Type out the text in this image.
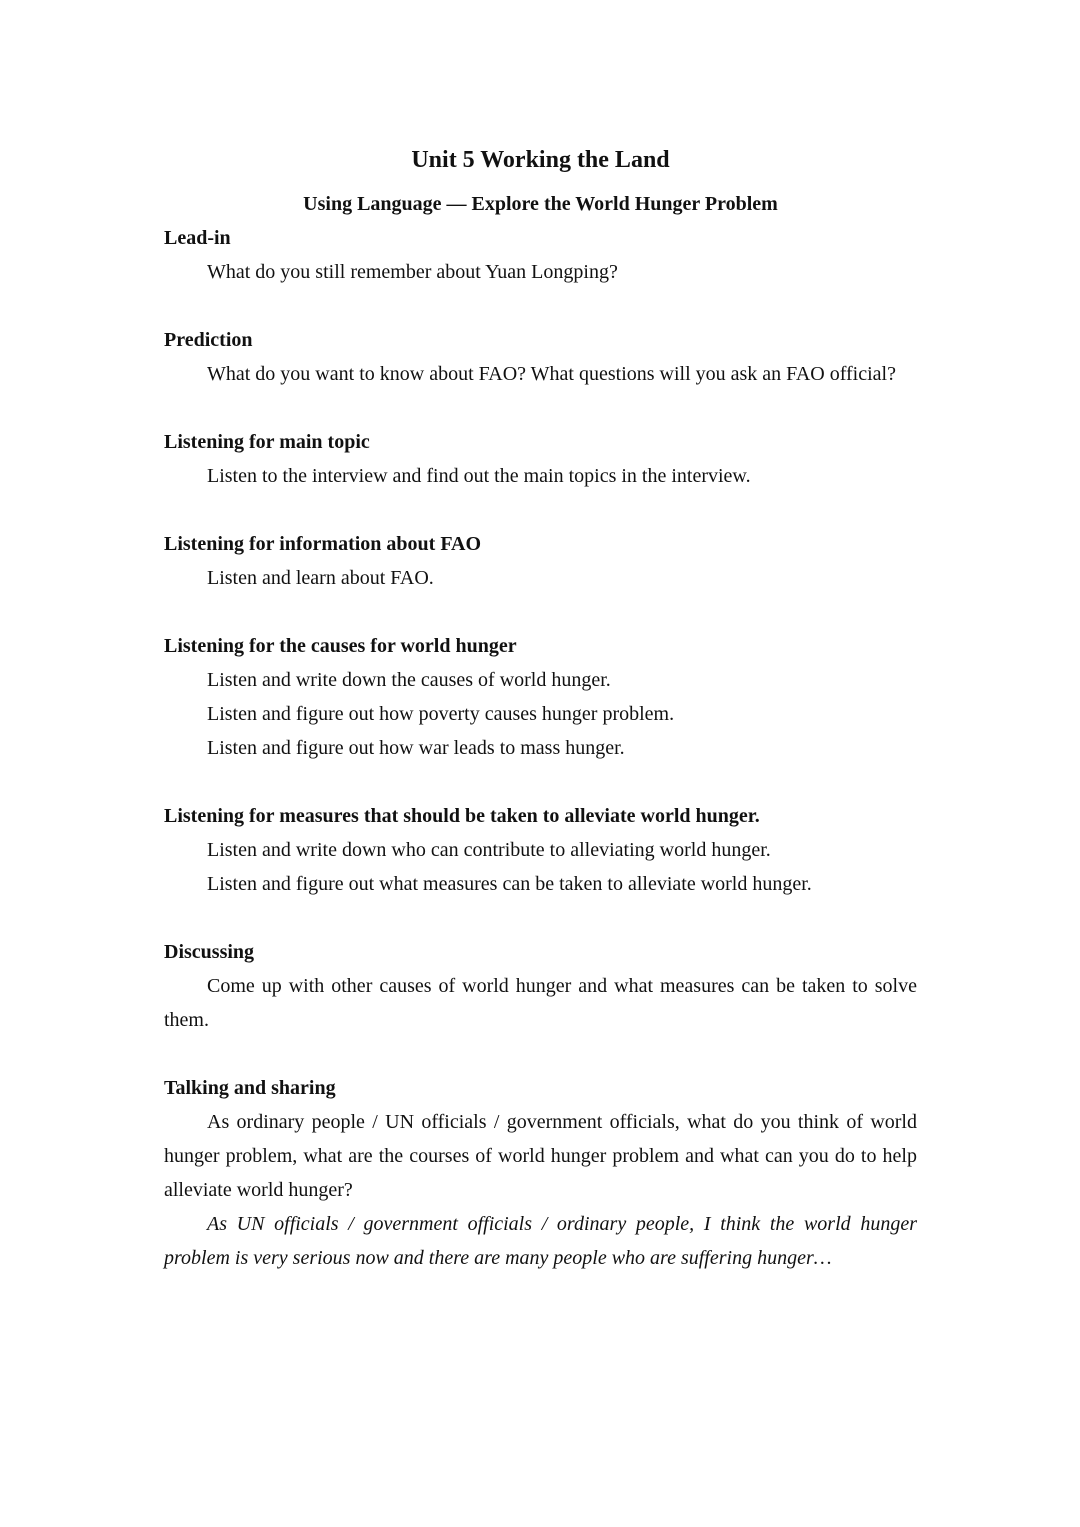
Unit 5 Working the Land
Using Language — Explore the World Hunger Problem

Lead-in

What do you still remember about Yuan Longping?

Prediction

What do you want to know about FAO? What questions will you ask an FAO official?

Listening for main topic

Listen to the interview and find out the main topics in the interview.

Listening for information about FAO

Listen and learn about FAO.

Listening for the causes for world hunger

Listen and write down the causes of world hunger.

Listen and figure out how poverty causes hunger problem.

Listen and figure out how war leads to mass hunger.

Listening for measures that should be taken to alleviate world hunger.

Listen and write down who can contribute to alleviating world hunger.

Listen and figure out what measures can be taken to alleviate world hunger.

Discussing

Come up with other causes of world hunger and what measures can be taken to solve them.

Talking and sharing

As ordinary people / UN officials / government officials, what do you think of world hunger problem, what are the courses of world hunger problem and what can you do to help alleviate world hunger?

As UN officials / government officials / ordinary people, I think the world hunger problem is very serious now and there are many people who are suffering hunger…
